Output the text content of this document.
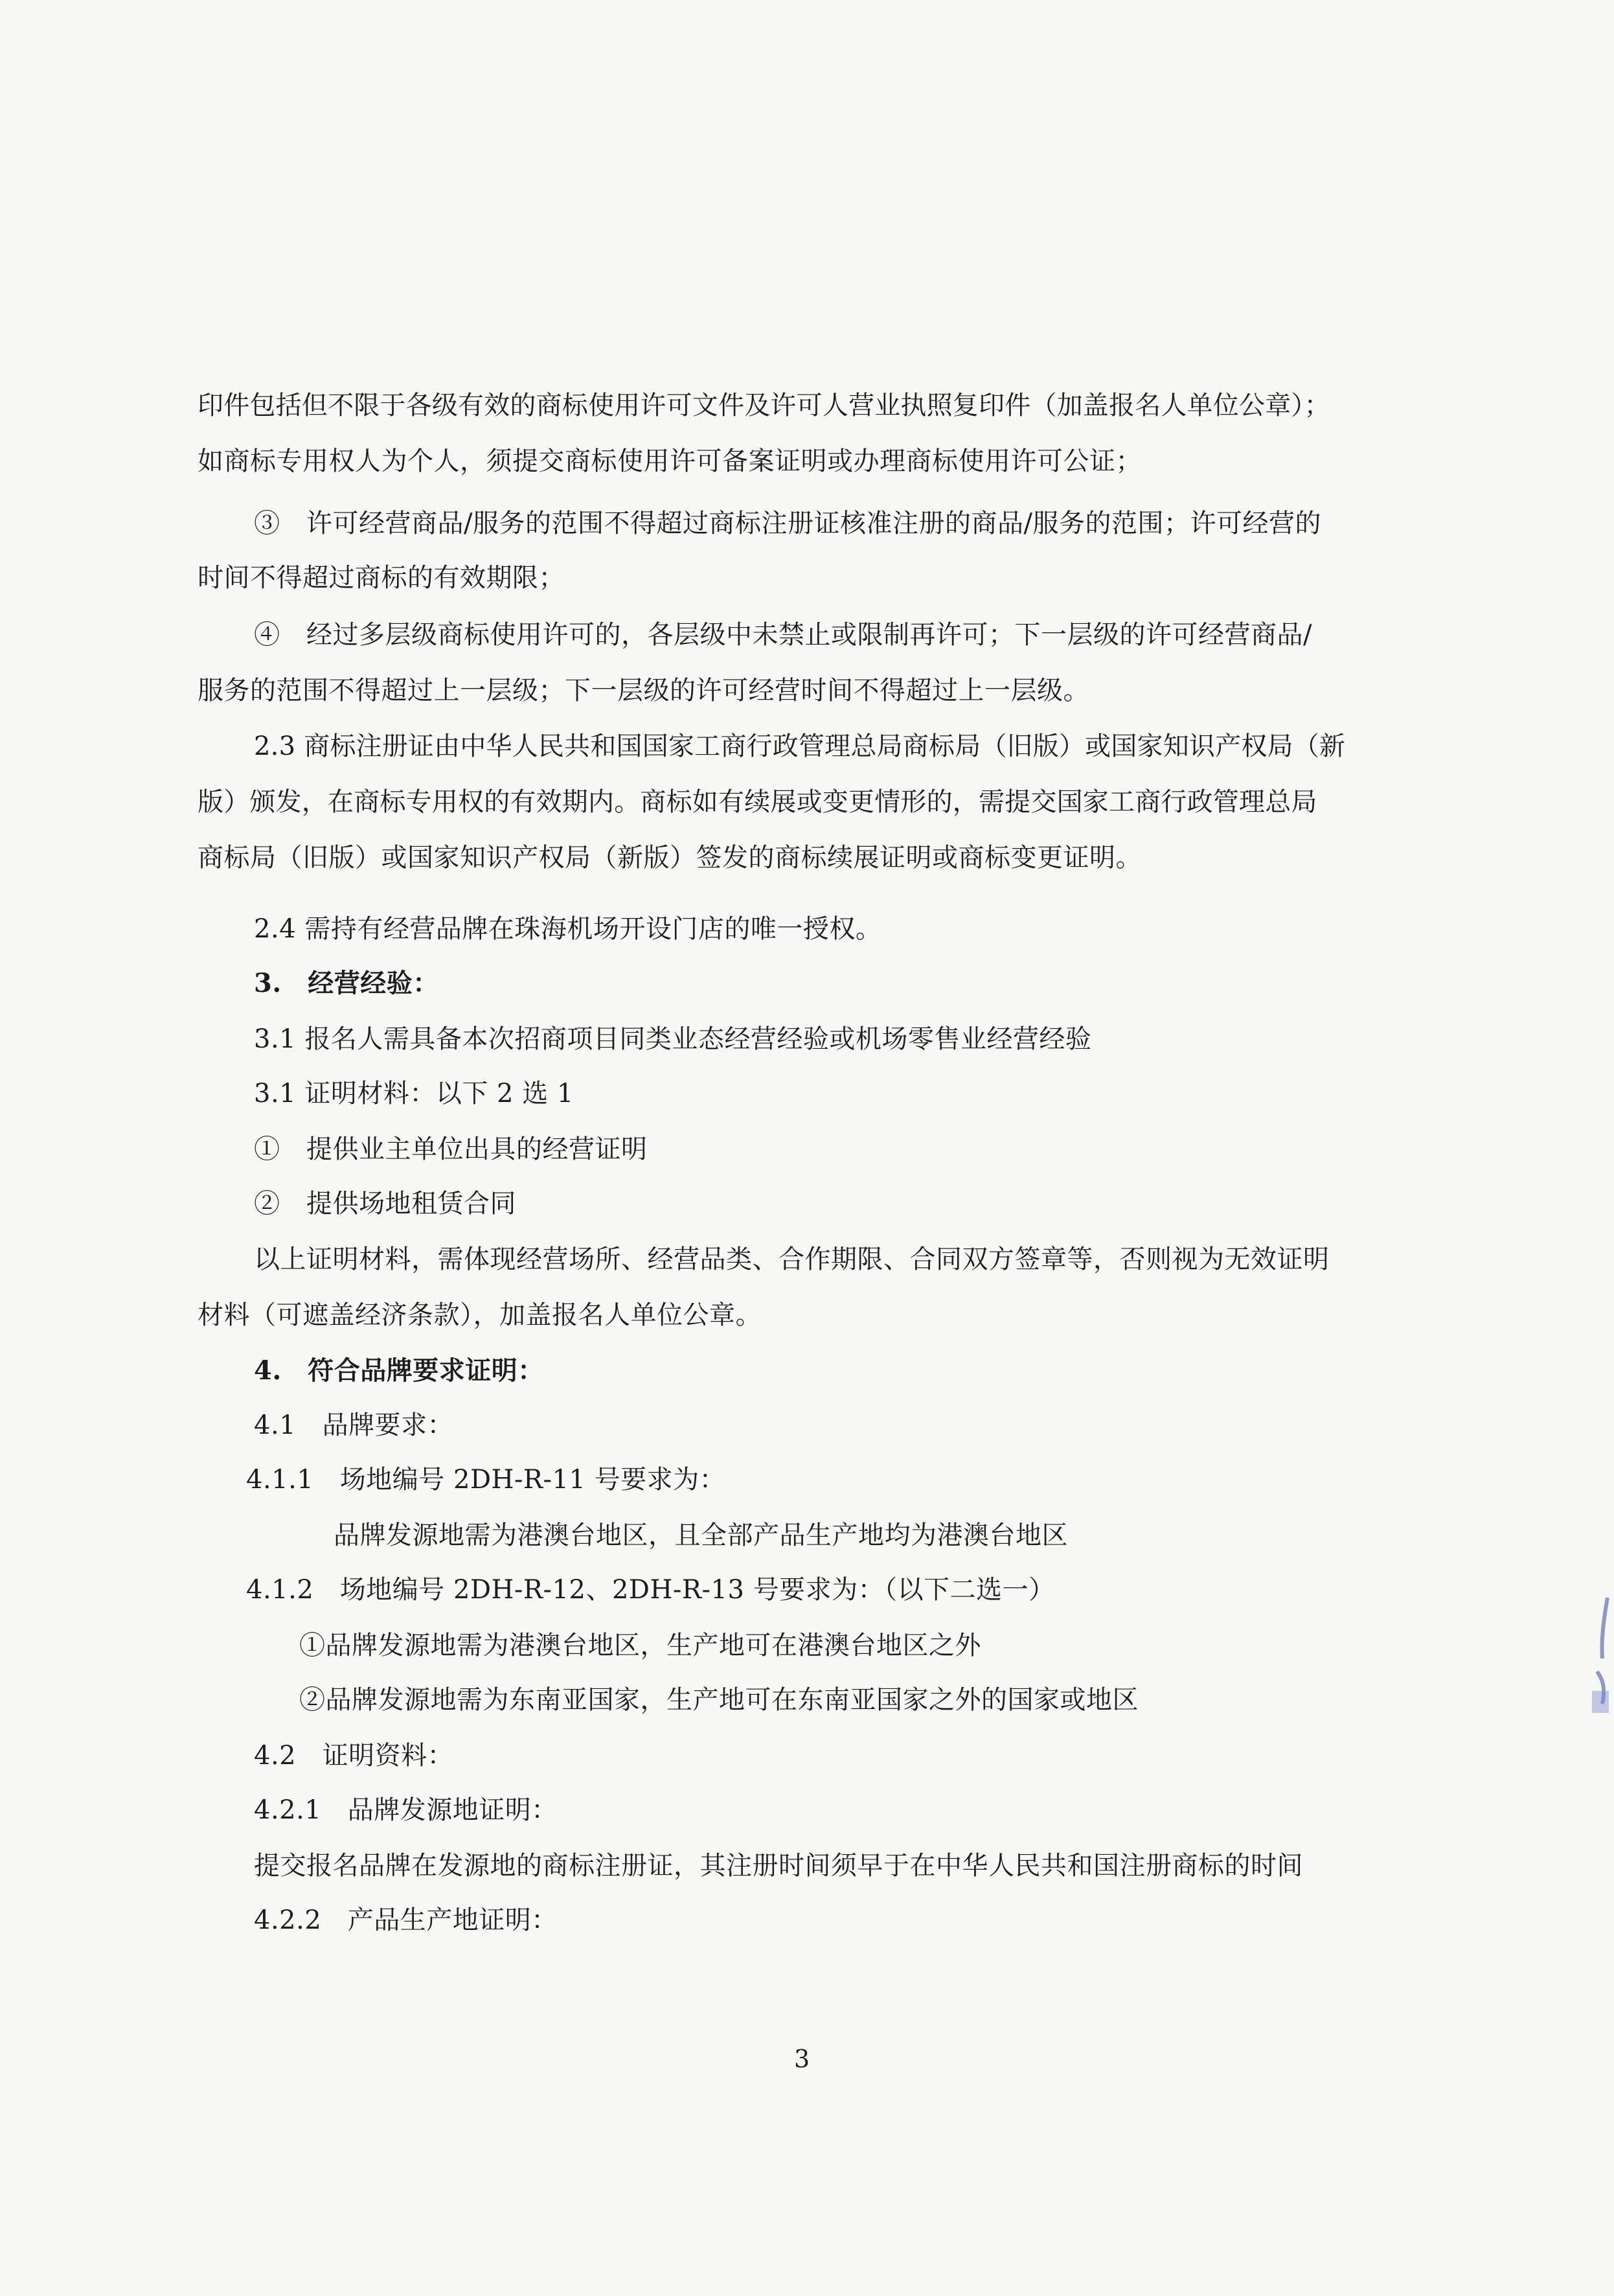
印件包括但不限于各级有效的商标使用许可文件及许可人营业执照复印件（加盖报名人单位公章）；
如商标专用权人为个人，须提交商标使用许可备案证明或办理商标使用许可公证；
③　许可经营商品/服务的范围不得超过商标注册证核准注册的商品/服务的范围；许可经营的
时间不得超过商标的有效期限；
④　经过多层级商标使用许可的，各层级中未禁止或限制再许可；下一层级的许可经营商品/
服务的范围不得超过上一层级；下一层级的许可经营时间不得超过上一层级。
2.3 商标注册证由中华人民共和国国家工商行政管理总局商标局（旧版）或国家知识产权局（新
版）颁发，在商标专用权的有效期内。商标如有续展或变更情形的，需提交国家工商行政管理总局
商标局（旧版）或国家知识产权局（新版）签发的商标续展证明或商标变更证明。
2.4 需持有经营品牌在珠海机场开设门店的唯一授权。
3.　经营经验：
3.1 报名人需具备本次招商项目同类业态经营经验或机场零售业经营经验
3.1 证明材料：以下 2 选 1
①　提供业主单位出具的经营证明
②　提供场地租赁合同
以上证明材料，需体现经营场所、经营品类、合作期限、合同双方签章等，否则视为无效证明
材料（可遮盖经济条款），加盖报名人单位公章。
4.　符合品牌要求证明：
4.1　品牌要求：
4.1.1　场地编号 2DH-R-11 号要求为：
品牌发源地需为港澳台地区，且全部产品生产地均为港澳台地区
4.1.2　场地编号 2DH-R-12、2DH-R-13 号要求为：（以下二选一）
①品牌发源地需为港澳台地区，生产地可在港澳台地区之外
②品牌发源地需为东南亚国家，生产地可在东南亚国家之外的国家或地区
4.2　证明资料：
4.2.1　品牌发源地证明：
提交报名品牌在发源地的商标注册证，其注册时间须早于在中华人民共和国注册商标的时间
4.2.2　产品生产地证明：
3
